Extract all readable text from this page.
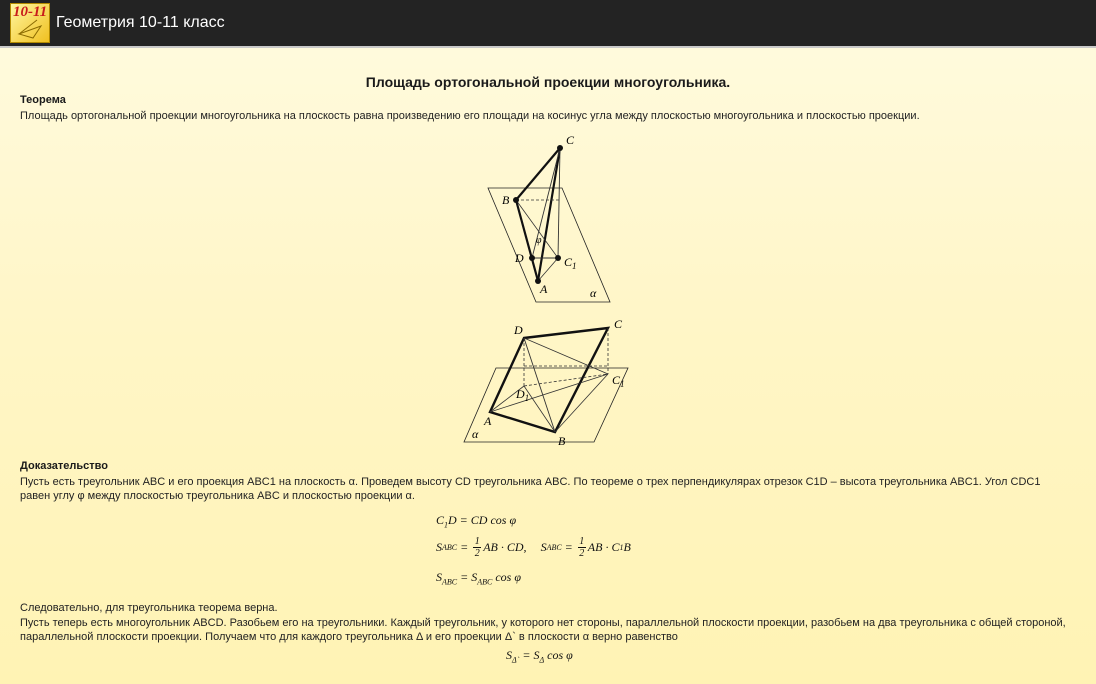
10-11
Геометрия 10-11 класс
Площадь ортогональной проекции многоугольника.
Теорема
Площадь ортогональной проекции многоугольника на плоскость равна произведению его площади на косинус угла между плоскостью многоугольника и плоскостью проекции.
C
B
D	$C_1$
A
φ
α
D	C
$C_1$
$D_1$
A
B
α
Доказательство
Пусть есть треугольник ABC и его проекция ABC1 на плоскость α. Проведем высоту CD треугольника ABC. По теореме о трех перпендикулярах отрезок C1D – высота треугольника ABC1. Угол CDC1 равен углу φ между плоскостью треугольника ABC и плоскостью проекции α.
$C_1D$ = CD cos φ
S ABC = $\frac{1}{2}$ AB · CD, S ABC = $\frac{1}{2}$ AB · C 1 B
$S_{ABC} = S_{ABC}$ cos φ
Следовательно, для треугольника теорема верна.
Пусть теперь есть многоугольник ABCD. Разобьем его на треугольники. Каждый треугольник, у которого нет стороны, параллельной плоскости проекции, разобьем на два треугольника с общей стороной, параллельной плоскости проекции. Получаем что для каждого треугольника Δ и его проекции Δ` в плоскости α верно равенство
$S_{\Delta`} = S_\Delta$ cos φ
